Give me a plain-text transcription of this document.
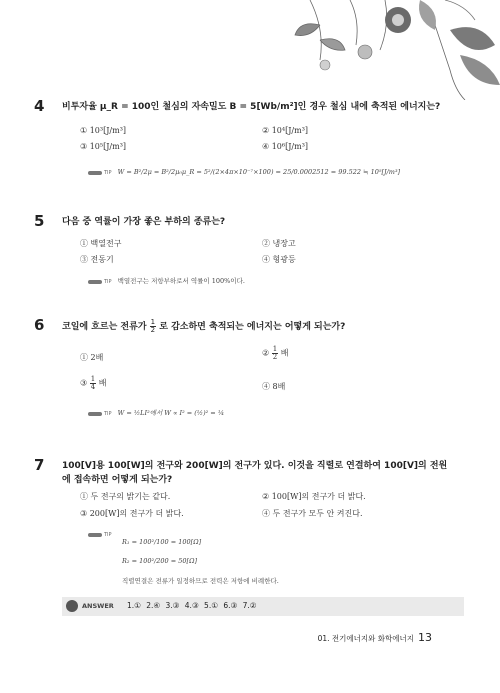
4 비투자율 μ_R = 100인 철심의 자속밀도 B = 5[Wb/m²]인 경우 철심 내에 축적된 에너지는?
① 10³[J/m³]	② 10⁴[J/m³]
③ 10⁵[J/m³]	④ 10⁶[J/m³]
TIP W = B²/2μ = B²/2μ₀μ_R = 5²/(2×4π×10⁻⁷×100) = 25/0.0002512 = 99.522 ≒ 10⁵[J/m³]
5 다음 중 역률이 가장 좋은 부하의 종류는?
① 백열전구	② 냉장고
③ 전동기	④ 형광등
TIP 백열전구는 저항부하로서 역률이 100%이다.
6 코일에 흐르는 전류가 $\frac{1}{2}$ 로 감소하면 축적되는 에너지는 어떻게 되는가?
① 2배	② $\frac{1}{2}$ 배
③ $\frac{1}{4}$ 배	④ 8배
TIP W = ½LI²에서 W ∝ I² = (½)² = ¼
7 100[V]용 100[W]의 전구와 200[W]의 전구가 있다. 이것을 직렬로 연결하여 100[V]의 전원
에 접속하면 어떻게 되는가?
① 두 전구의 밝기는 같다.	② 100[W]의 전구가 더 밝다.
③ 200[W]의 전구가 더 밝다.	④ 두 전구가 모두 안 켜진다.
TIP
R₁ = 100²/100 = 100[Ω]
R₂ = 100²/200 = 50[Ω]
직렬연결은 전류가 일정하므로 전력은 저항에 비례한다.
ANSWER 1.① 2.④ 3.③ 4.③ 5.① 6.③ 7.②
01. 전기에너지와 화학에너지 13
